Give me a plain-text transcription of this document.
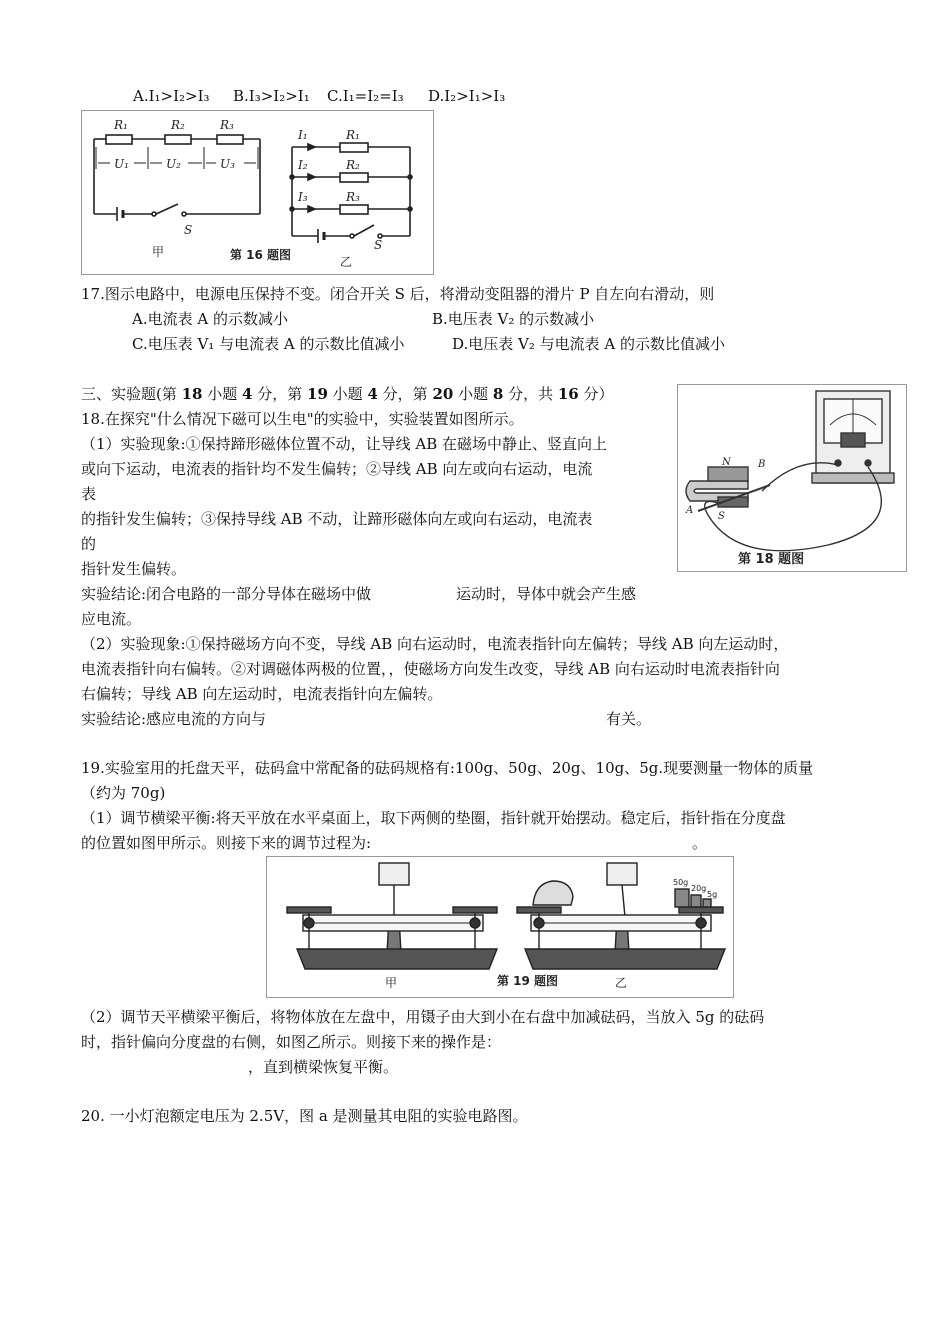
A.I₁>I₂>I₃ B.I₃>I₂>I₁ C.I₁=I₂=I₃ D.I₂>I₁>I₃
R₁	R₂	R₃
U₁	U₂	U₃
S
R₁
R₂
R₃
I₁
I₂
I₃
S
甲	第 16 题图	乙
17.图示电路中，电源电压保持不变。闭合开关 S 后，将滑动变阻器的滑片 P 自左向右滑动，则
A.电流表 A 的示数减小	B.电压表 V₂ 的示数减小
C.电压表 V₁ 与电流表 A 的示数比值减小	D.电压表 V₂ 与电流表 A 的示数比值减小
三、实验题(第 18 小题 4 分，第 19 小题 4 分，第 20 小题 8 分，共 16 分）
18.在探究"什么情况下磁可以生电"的实验中，实验装置如图所示。
（1）实验现象:①保持蹄形磁体位置不动，让导线 AB 在磁场中静止、竖直向上
或向下运动，电流表的指针均不发生偏转；②导线 AB 向左或向右运动，电流
表
的指针发生偏转；③保持导线 AB 不动，让蹄形磁体向左或向右运动，电流表
的
指针发生偏转。
实验结论:闭合电路的一部分导体在磁场中做	运动时，导体中就会产生感
应电流。
（2）实验现象:①保持磁场方向不变，导线 AB 向右运动时，电流表指针向左偏转；导线 AB 向左运动时，
电流表指针向右偏转。②对调磁体两极的位置，，使磁场方向发生改变，导线 AB 向右运动时电流表指针向
右偏转；导线 AB 向左运动时，电流表指针向左偏转。
实验结论:感应电流的方向与	有关。
N	B
A
S
第 18 题图
19.实验室用的托盘天平，砝码盒中常配备的砝码规格有:100g、50g、20g、10g、5g.现要测量一物体的质量
（约为 70g)
（1）调节横梁平衡:将天平放在水平桌面上，取下两侧的垫圈，指针就开始摆动。稳定后，指针指在分度盘
的位置如图甲所示。则接下来的调节过程为:	。
50g
20g
5g
甲	第 19 题图	乙
（2）调节天平横梁平衡后，将物体放在左盘中，用镊子由大到小在右盘中加减砝码，当放入 5g 的砝码
时，指针偏向分度盘的右侧，如图乙所示。则接下来的操作是：
，直到横梁恢复平衡。
20. 一小灯泡额定电压为 2.5V，图 a 是测量其电阻的实验电路图。
